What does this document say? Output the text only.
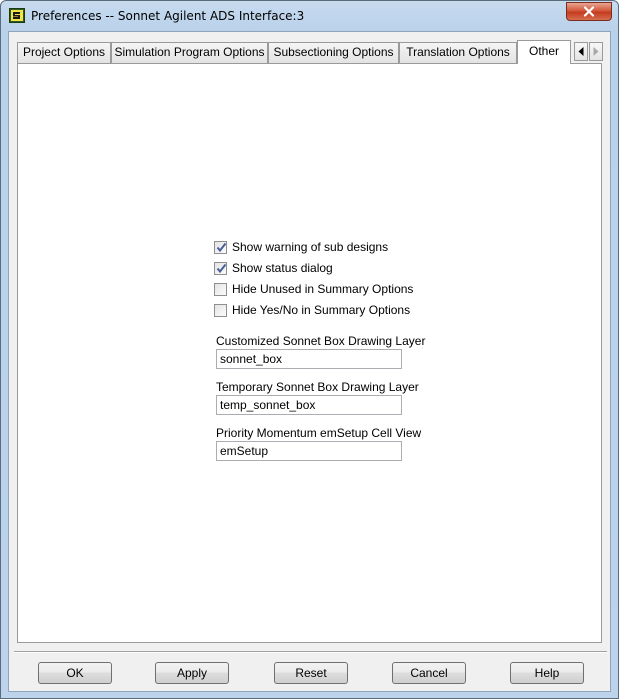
Preferences -- Sonnet Agilent ADS Interface:3
Project Options Simulation Program Options Subsectioning Options	Translation Options	Other
Show warning of sub designs
Show status dialog
Hide Unused in Summary Options
Hide Yes/No in Summary Options
Customized Sonnet Box Drawing Layer
sonnet_box
Temporary Sonnet Box Drawing Layer
temp_sonnet_box
Priority Momentum emSetup Cell View
emSetup
OK	Apply	Reset	Cancel	Help
